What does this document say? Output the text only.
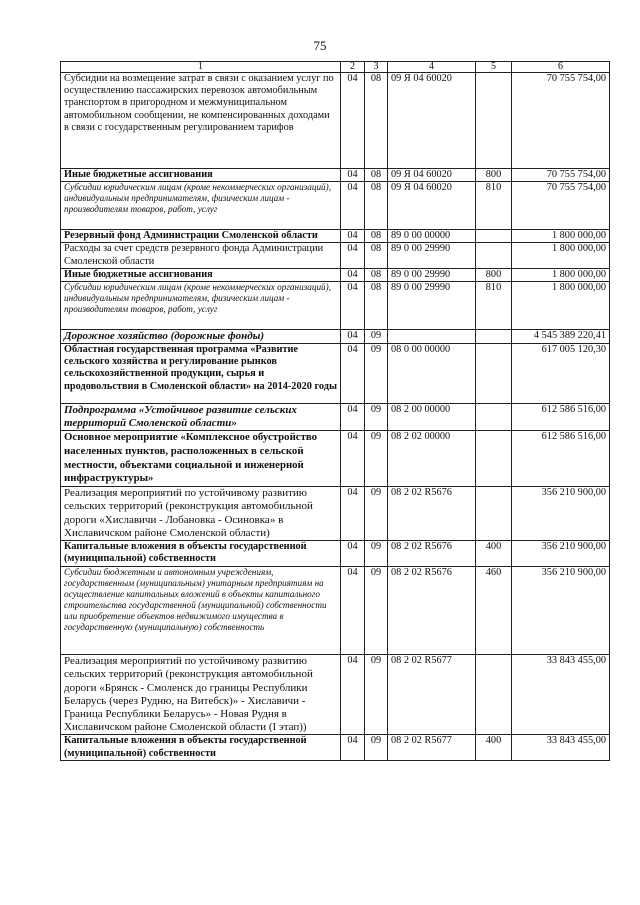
75
1	2	3	4	5	6
Субсидии на возмещение затрат в связи с оказанием услуг по осуществлению пассажирских перевозок автомобильным транспортом в пригородном и межмуниципальном автомобильном сообщении, не компенсированных доходами в связи с государственным регулированием тарифов	04	08	09 Я 04 60020		70 755 754,00
Иные бюджетные ассигнования	04	08	09 Я 04 60020	800	70 755 754,00
Субсидии юридическим лицам (кроме некоммерческих организаций), индивидуальным предпринимателям, физическим лицам - производителям товаров, работ, услуг	04	08	09 Я 04 60020	810	70 755 754,00
Резервный фонд Администрации Смоленской области	04	08	89 0 00 00000		1 800 000,00
Расходы за счет средств резервного фонда Администрации Смоленской области	04	08	89 0 00 29990		1 800 000,00
Иные бюджетные ассигнования	04	08	89 0 00 29990	800	1 800 000,00
Субсидии юридическим лицам (кроме некоммерческих организаций), индивидуальным предпринимателям, физическим лицам - производителям товаров, работ, услуг	04	08	89 0 00 29990	810	1 800 000,00
Дорожное хозяйство (дорожные фонды)	04	09			4 545 389 220,41
Областная государственная программа «Развитие сельского хозяйства и регулирование рынков сельскохозяйственной продукции, сырья и продовольствия в Смоленской области» на 2014-2020 годы	04	09	08 0 00 00000		617 005 120,30
Подпрограмма «Устойчивое развитие сельских территорий Смоленской области»	04	09	08 2 00 00000		612 586 516,00
Основное мероприятие «Комплексное обустройство населенных пунктов, расположенных в сельской местности, объектами социальной и инженерной инфраструктуры»	04	09	08 2 02 00000		612 586 516,00
Реализация мероприятий по устойчивому развитию сельских территорий (реконструкция автомобильной дороги «Хиславичи - Лобановка - Осиновка» в Хиславичском районе Смоленской области)	04	09	08 2 02 R5676		356 210 900,00
Капитальные вложения в объекты государственной (муниципальной) собственности	04	09	08 2 02 R5676	400	356 210 900,00
Субсидии бюджетным и автономным учреждениям, государственным (муниципальным) унитарным предприятиям на осуществление капитальных вложений в объекты капитального строительства государственной (муниципальной) собственности или приобретение объектов недвижимого имущества в государственную (муниципальную) собственность	04	09	08 2 02 R5676	460	356 210 900,00
Реализация мероприятий по устойчивому развитию сельских территорий (реконструкция автомобильной дороги «Брянск - Смоленск до границы Республики Беларусь (через Рудню, на Витебск)» - Хиславичи - Граница Республики Беларусь» - Новая Рудня в Хиславичском районе Смоленской области (I этап))	04	09	08 2 02 R5677		33 843 455,00
Капитальные вложения в объекты государственной (муниципальной) собственности	04	09	08 2 02 R5677	400	33 843 455,00
